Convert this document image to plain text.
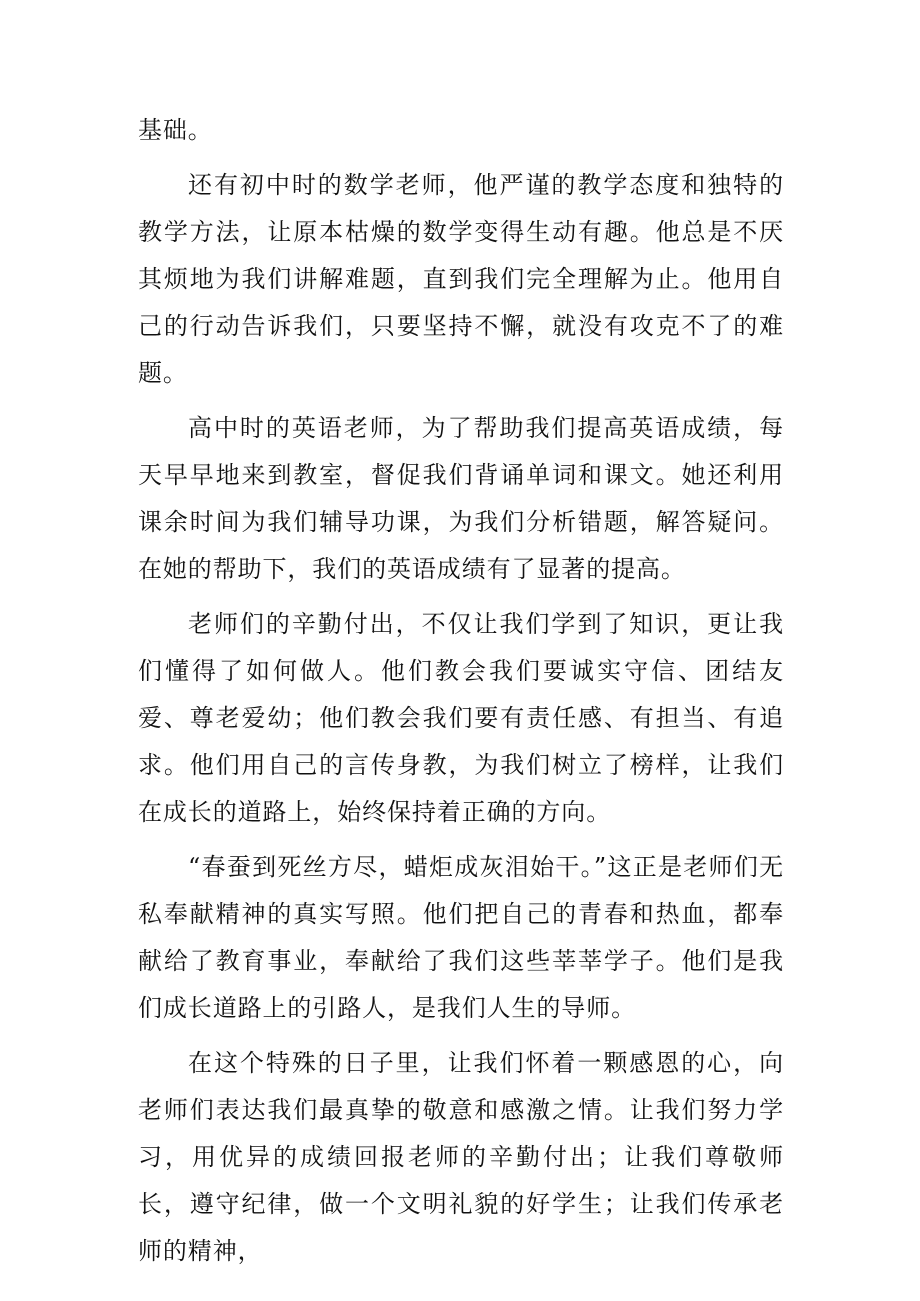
基础。

还有初中时的数学老师，他严谨的教学态度和独特的教学方法，让原本枯燥的数学变得生动有趣。他总是不厌其烦地为我们讲解难题，直到我们完全理解为止。他用自己的行动告诉我们，只要坚持不懈，就没有攻克不了的难题。

高中时的英语老师，为了帮助我们提高英语成绩，每天早早地来到教室，督促我们背诵单词和课文。她还利用课余时间为我们辅导功课，为我们分析错题，解答疑问。在她的帮助下，我们的英语成绩有了显著的提高。

老师们的辛勤付出，不仅让我们学到了知识，更让我们懂得了如何做人。他们教会我们要诚实守信、团结友爱、尊老爱幼；他们教会我们要有责任感、有担当、有追求。他们用自己的言传身教，为我们树立了榜样，让我们在成长的道路上，始终保持着正确的方向。

“春蚕到死丝方尽，蜡炬成灰泪始干。”这正是老师们无私奉献精神的真实写照。他们把自己的青春和热血，都奉献给了教育事业，奉献给了我们这些莘莘学子。他们是我们成长道路上的引路人，是我们人生的导师。

在这个特殊的日子里，让我们怀着一颗感恩的心，向老师们表达我们最真挚的敬意和感激之情。让我们努力学习，用优异的成绩回报老师的辛勤付出；让我们尊敬师长，遵守纪律，做一个文明礼貌的好学生；让我们传承老师的精神，
